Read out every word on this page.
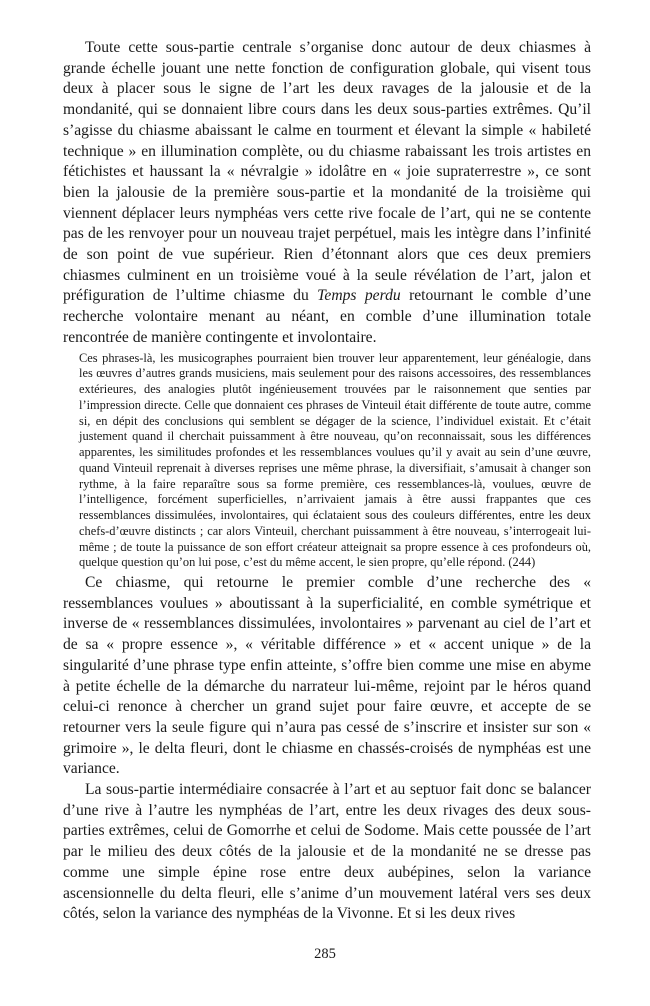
Toute cette sous-partie centrale s’organise donc autour de deux chiasmes à grande échelle jouant une nette fonction de configuration globale, qui visent tous deux à placer sous le signe de l’art les deux ravages de la jalousie et de la mondanité, qui se donnaient libre cours dans les deux sous-parties extrêmes. Qu’il s’agisse du chiasme abaissant le calme en tourment et élevant la simple « habileté technique » en illumination complète, ou du chiasme rabaissant les trois artistes en fétichistes et haussant la « névralgie » idolâtre en « joie supraterrestre », ce sont bien la jalousie de la première sous-partie et la mondanité de la troisième qui viennent déplacer leurs nymphéas vers cette rive focale de l’art, qui ne se contente pas de les renvoyer pour un nouveau trajet perpétuel, mais les intègre dans l’infinité de son point de vue supérieur. Rien d’étonnant alors que ces deux premiers chiasmes culminent en un troisième voué à la seule révélation de l’art, jalon et préfiguration de l’ultime chiasme du Temps perdu retournant le comble d’une recherche volontaire menant au néant, en comble d’une illumination totale rencontrée de manière contingente et involontaire.

Ces phrases-là, les musicographes pourraient bien trouver leur apparentement, leur généalogie, dans les œuvres d’autres grands musiciens, mais seulement pour des raisons accessoires, des ressemblances extérieures, des analogies plutôt ingénieusement trouvées par le raisonnement que senties par l’impression directe. Celle que donnaient ces phrases de Vinteuil était différente de toute autre, comme si, en dépit des conclusions qui semblent se dégager de la science, l’individuel existait. Et c’était justement quand il cherchait puissamment à être nouveau, qu’on reconnaissait, sous les différences apparentes, les similitudes profondes et les ressemblances voulues qu’il y avait au sein d’une œuvre, quand Vinteuil reprenait à diverses reprises une même phrase, la diversifiait, s’amusait à changer son rythme, à la faire reparaître sous sa forme première, ces ressemblances-là, voulues, œuvre de l’intelligence, forcément superficielles, n’arrivaient jamais à être aussi frappantes que ces ressemblances dissimulées, involontaires, qui éclataient sous des couleurs différentes, entre les deux chefs-d’œuvre distincts ; car alors Vinteuil, cherchant puissamment à être nouveau, s’interrogeait lui-même ; de toute la puissance de son effort créateur atteignait sa propre essence à ces profondeurs où, quelque question qu’on lui pose, c’est du même accent, le sien propre, qu’elle répond. (244)

Ce chiasme, qui retourne le premier comble d’une recherche des « ressemblances voulues » aboutissant à la superficialité, en comble symétrique et inverse de « ressemblances dissimulées, involontaires » parvenant au ciel de l’art et de sa « propre essence », « véritable différence » et « accent unique » de la singularité d’une phrase type enfin atteinte, s’offre bien comme une mise en abyme à petite échelle de la démarche du narrateur lui-même, rejoint par le héros quand celui-ci renonce à chercher un grand sujet pour faire œuvre, et accepte de se retourner vers la seule figure qui n’aura pas cessé de s’inscrire et insister sur son « grimoire », le delta fleuri, dont le chiasme en chassés-croisés de nymphéas est une variance.

La sous-partie intermédiaire consacrée à l’art et au septuor fait donc se balancer d’une rive à l’autre les nymphéas de l’art, entre les deux rivages des deux sous-parties extrêmes, celui de Gomorrhe et celui de Sodome. Mais cette poussée de l’art par le milieu des deux côtés de la jalousie et de la mondanité ne se dresse pas comme une simple épine rose entre deux aubépines, selon la variance ascensionnelle du delta fleuri, elle s’anime d’un mouvement latéral vers ses deux côtés, selon la variance des nymphéas de la Vivonne. Et si les deux rives

285
